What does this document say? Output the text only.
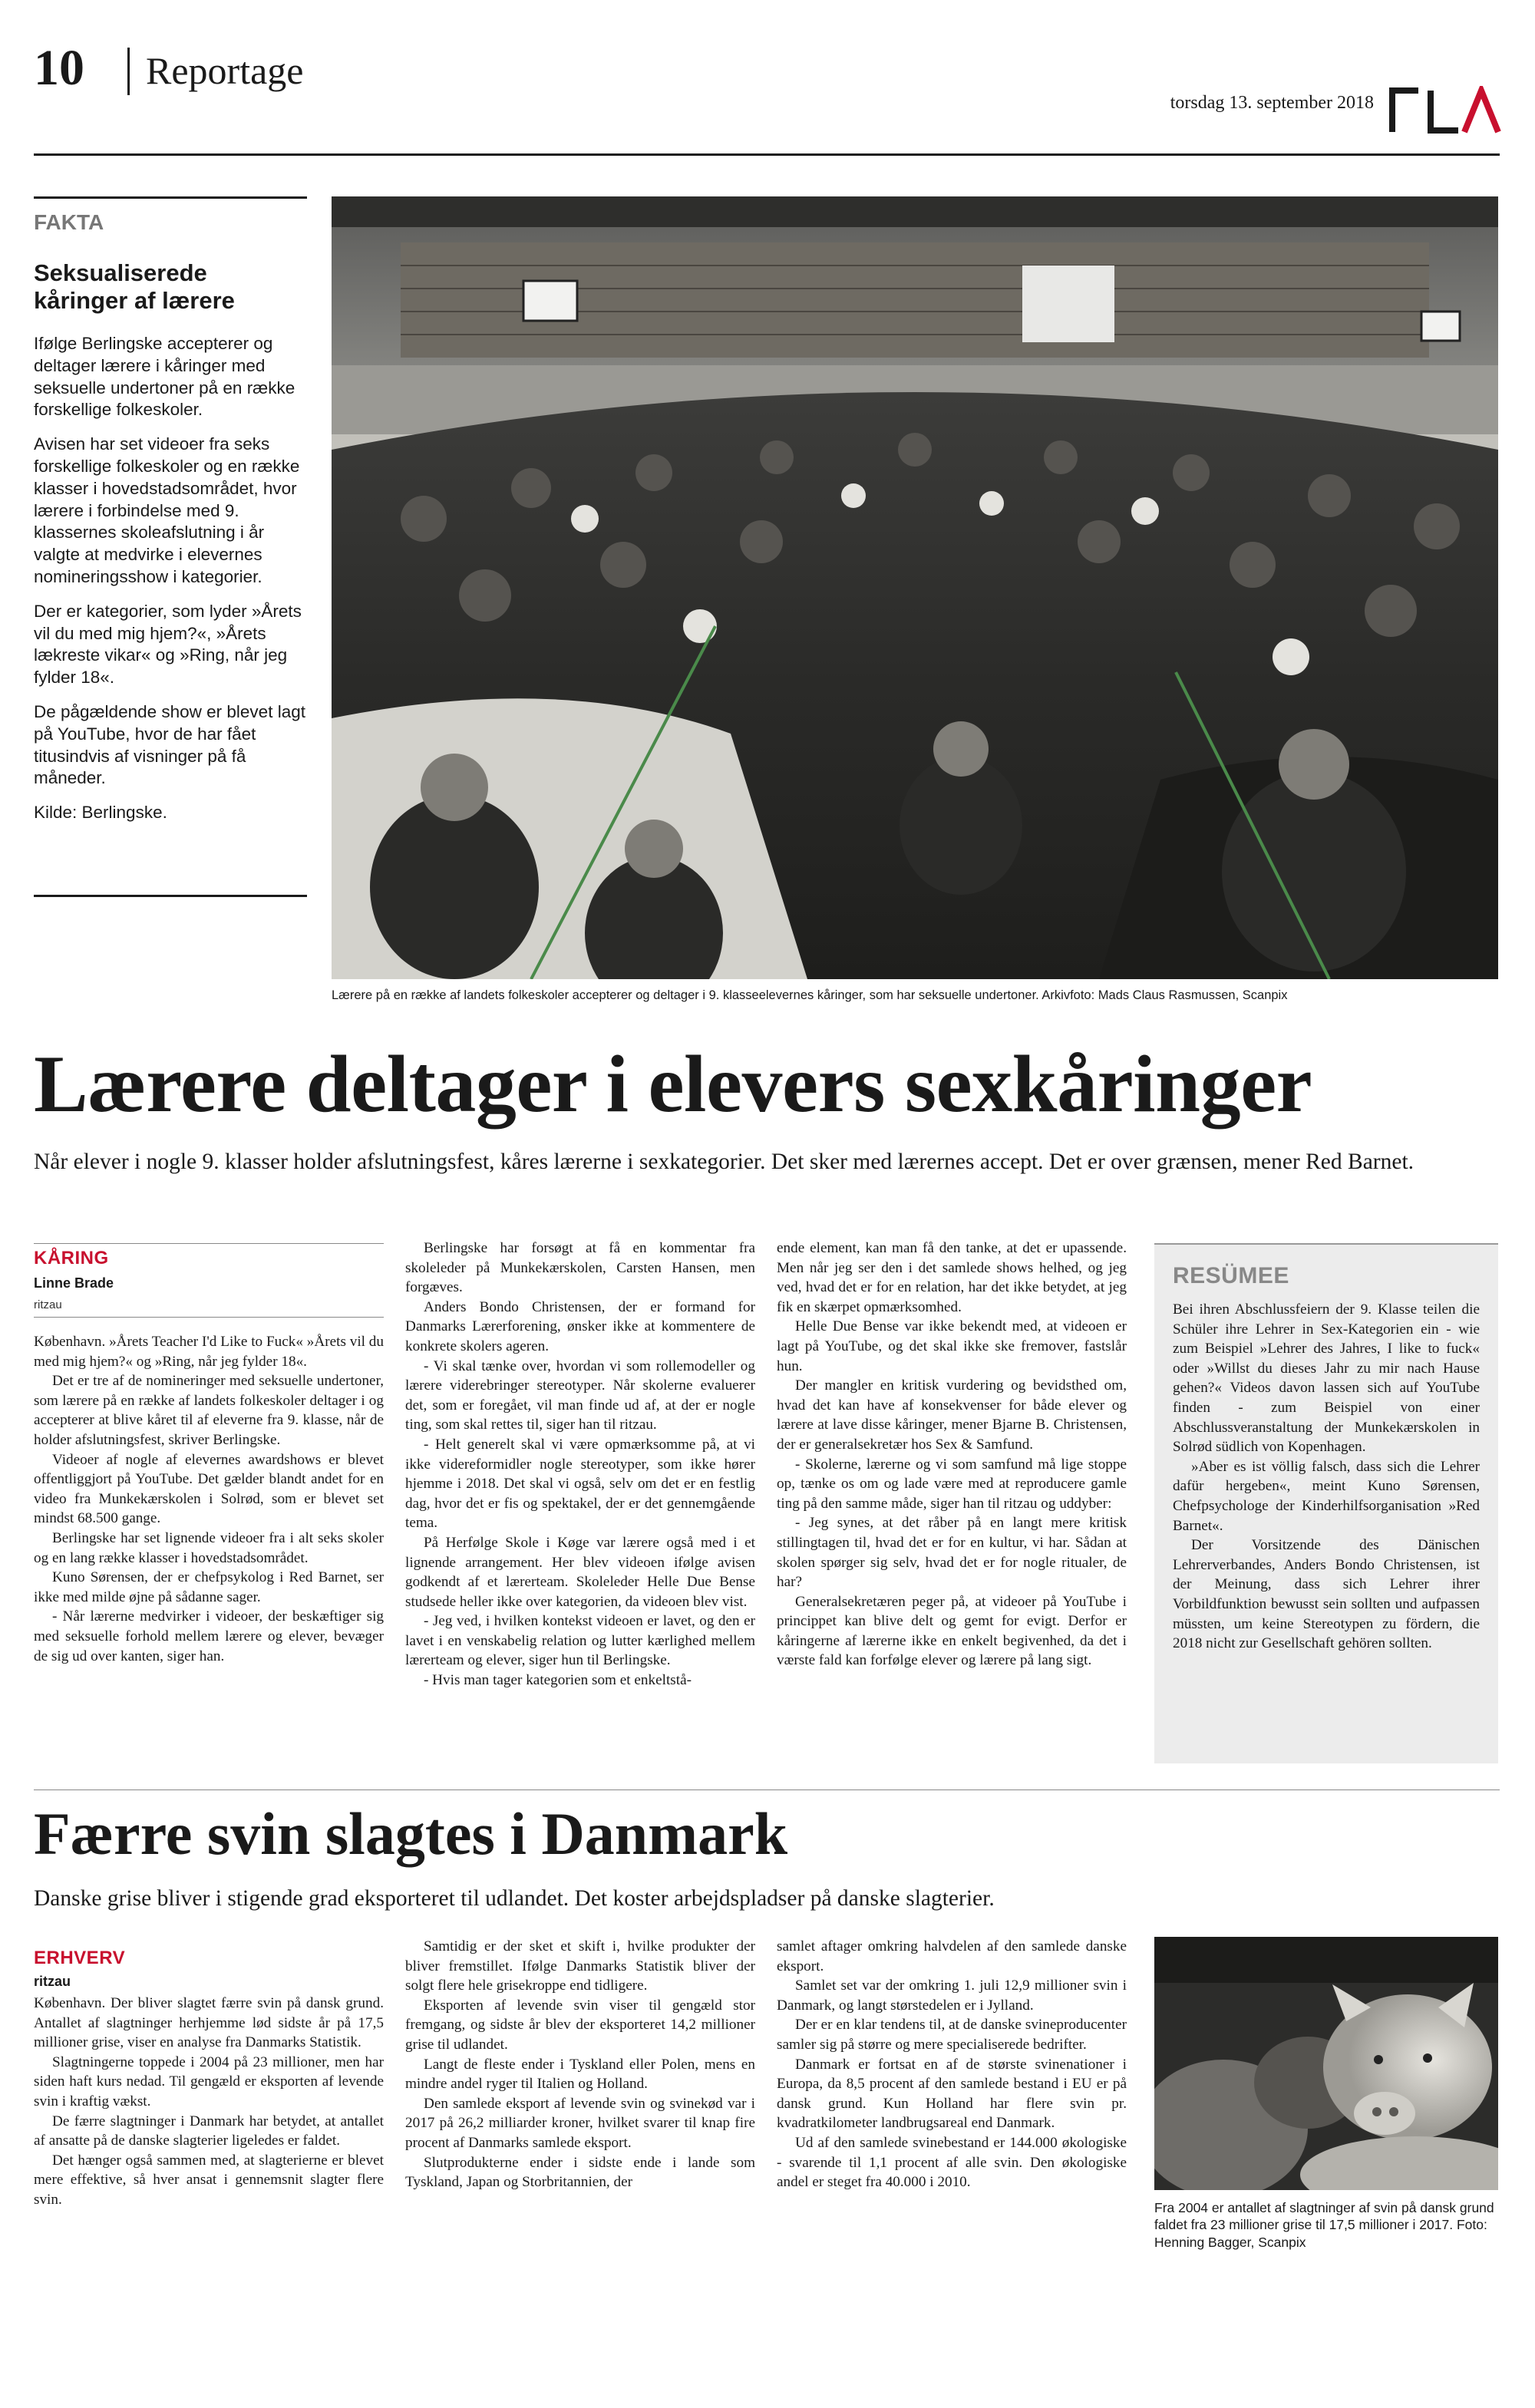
10 Reportage
torsdag 13. september 2018
FLA
FAKTA
Seksualiserede kåringer af lærere

Ifølge Berlingske accepterer og deltager lærere i kåringer med seksuelle undertoner på en række forskellige folkeskoler.

Avisen har set videoer fra seks forskellige folkeskoler og en række klasser i hovedstadsområdet, hvor lærere i forbindelse med 9. klassernes skoleafslutning i år valgte at medvirke i elevernes nomineringsshow i kategorier.

Der er kategorier, som lyder »Årets vil du med mig hjem?«, »Årets lækreste vikar« og »Ring, når jeg fylder 18«.

De pågældende show er blevet lagt på YouTube, hvor de har fået titusindvis af visninger på få måneder.

Kilde: Berlingske.

Lærere på en række af landets folkeskoler accepterer og deltager i 9. klasseelevernes kåringer, som har seksuelle undertoner. Arkivfoto: Mads Claus Rasmussen, Scanpix
Lærere deltager i elevers sexkåringer
Når elever i nogle 9. klasser holder afslutningsfest, kåres lærerne i sexkategorier. Det sker med lærernes accept. Det er over grænsen, mener Red Barnet.
KÅRING
Linne Brade
ritzau

København. »Årets Teacher I'd Like to Fuck« »Årets vil du med mig hjem?« og »Ring, når jeg fylder 18«.

Det er tre af de nomineringer med seksuelle undertoner, som lærere på en række af landets folkeskoler deltager i og accepterer at blive kåret til af eleverne fra 9. klasse, når de holder afslutningsfest, skriver Berlingske.

Videoer af nogle af elevernes awardshows er blevet offentliggjort på YouTube. Det gælder blandt andet for en video fra Munkekærskolen i Solrød, som er blevet set mindst 68.500 gange.

Berlingske har set lignende videoer fra i alt seks skoler og en lang række klasser i hovedstadsområdet.

Kuno Sørensen, der er chefpsykolog i Red Barnet, ser ikke med milde øjne på sådanne sager.

- Når lærerne medvirker i videoer, der beskæftiger sig med seksuelle forhold mellem lærere og elever, bevæger de sig ud over kanten, siger han.

Berlingske har forsøgt at få en kommentar fra skoleleder på Munkekærskolen, Carsten Hansen, men forgæves.

Anders Bondo Christensen, der er formand for Danmarks Lærerforening, ønsker ikke at kommentere de konkrete skolers ageren.

- Vi skal tænke over, hvordan vi som rollemodeller og lærere viderebringer stereotyper. Når skolerne evaluerer det, som er foregået, vil man finde ud af, at der er nogle ting, som skal rettes til, siger han til ritzau.

- Helt generelt skal vi være opmærksomme på, at vi ikke videreformidler nogle stereotyper, som ikke hører hjemme i 2018. Det skal vi også, selv om det er en festlig dag, hvor det er fis og spektakel, der er det gennemgående tema.

På Herfølge Skole i Køge var lærere også med i et lignende arrangement. Her blev videoen ifølge avisen godkendt af et lærerteam. Skoleleder Helle Due Bense studsede heller ikke over kategorien, da videoen blev vist.

- Jeg ved, i hvilken kontekst videoen er lavet, og den er lavet i en venskabelig relation og lutter kærlighed mellem lærerteam og elever, siger hun til Berlingske.

- Hvis man tager kategorien som et enkeltstå-

ende element, kan man få den tanke, at det er upassende. Men når jeg ser den i det samlede shows helhed, og jeg ved, hvad det er for en relation, har det ikke betydet, at jeg fik en skærpet opmærksomhed.

Helle Due Bense var ikke bekendt med, at videoen er lagt på YouTube, og det skal ikke ske fremover, fastslår hun.

Der mangler en kritisk vurdering og bevidsthed om, hvad det kan have af konsekvenser for både elever og lærere at lave disse kåringer, mener Bjarne B. Christensen, der er generalsekretær hos Sex & Samfund.

- Skolerne, lærerne og vi som samfund må lige stoppe op, tænke os om og lade være med at reproducere gamle ting på den samme måde, siger han til ritzau og uddyber:

- Jeg synes, at det råber på en langt mere kritisk stillingtagen til, hvad det er for en kultur, vi har. Sådan at skolen spørger sig selv, hvad det er for nogle ritualer, de har?

Generalsekretæren peger på, at videoer på YouTube i princippet kan blive delt og gemt for evigt. Derfor er kåringerne af lærerne ikke en enkelt begivenhed, da det i værste fald kan forfølge elever og lærere på lang sigt.

RESÜMEE

Bei ihren Abschlussfeiern der 9. Klasse teilen die Schüler ihre Lehrer in Sex-Kategorien ein - wie zum Beispiel »Lehrer des Jahres, I like to fuck« oder »Willst du dieses Jahr zu mir nach Hause gehen?« Videos davon lassen sich auf YouTube finden - zum Beispiel von einer Abschlussveranstaltung der Munkekærskolen in Solrød südlich von Kopenhagen.

»Aber es ist völlig falsch, dass sich die Lehrer dafür hergeben«, meint Kuno Sørensen, Chefpsychologe der Kinderhilfsorganisation »Red Barnet«.

Der Vorsitzende des Dänischen Lehrerverbandes, Anders Bondo Christensen, ist der Meinung, dass sich Lehrer ihrer Vorbildfunktion bewusst sein sollten und aufpassen müssten, um keine Stereotypen zu fördern, die 2018 nicht zur Gesellschaft gehören sollten.

Færre svin slagtes i Danmark
Danske grise bliver i stigende grad eksporteret til udlandet. Det koster arbejdspladser på danske slagterier.
ERHVERV
ritzau

København. Der bliver slagtet færre svin på dansk grund. Antallet af slagtninger herhjemme lød sidste år på 17,5 millioner grise, viser en analyse fra Danmarks Statistik.

Slagtningerne toppede i 2004 på 23 millioner, men har siden haft kurs nedad. Til gengæld er eksporten af levende svin i kraftig vækst.

De færre slagtninger i Danmark har betydet, at antallet af ansatte på de danske slagterier ligeledes er faldet.

Det hænger også sammen med, at slagterierne er blevet mere effektive, så hver ansat i gennemsnit slagter flere svin.

Samtidig er der sket et skift i, hvilke produkter der bliver fremstillet. Ifølge Danmarks Statistik bliver der solgt flere hele grisekroppe end tidligere.

Eksporten af levende svin viser til gengæld stor fremgang, og sidste år blev der eksporteret 14,2 millioner grise til udlandet.

Langt de fleste ender i Tyskland eller Polen, mens en mindre andel ryger til Italien og Holland.

Den samlede eksport af levende svin og svinekød var i 2017 på 26,2 milliarder kroner, hvilket svarer til knap fire procent af Danmarks samlede eksport.

Slutprodukterne ender i sidste ende i lande som Tyskland, Japan og Storbritannien, der

samlet aftager omkring halvdelen af den samlede danske eksport.

Samlet set var der omkring 1. juli 12,9 millioner svin i Danmark, og langt størstedelen er i Jylland.

Der er en klar tendens til, at de danske svineproducenter samler sig på større og mere specialiserede bedrifter.

Danmark er fortsat en af de største svinenationer i Europa, da 8,5 procent af den samlede bestand i EU er på dansk grund. Kun Holland har flere svin pr. kvadratkilometer landbrugsareal end Danmark.

Ud af den samlede svinebestand er 144.000 økologiske - svarende til 1,1 procent af alle svin. Den økologiske andel er steget fra 40.000 i 2010.

Fra 2004 er antallet af slagtninger af svin på dansk grund faldet fra 23 millioner grise til 17,5 millioner i 2017. Foto: Henning Bagger, Scanpix
